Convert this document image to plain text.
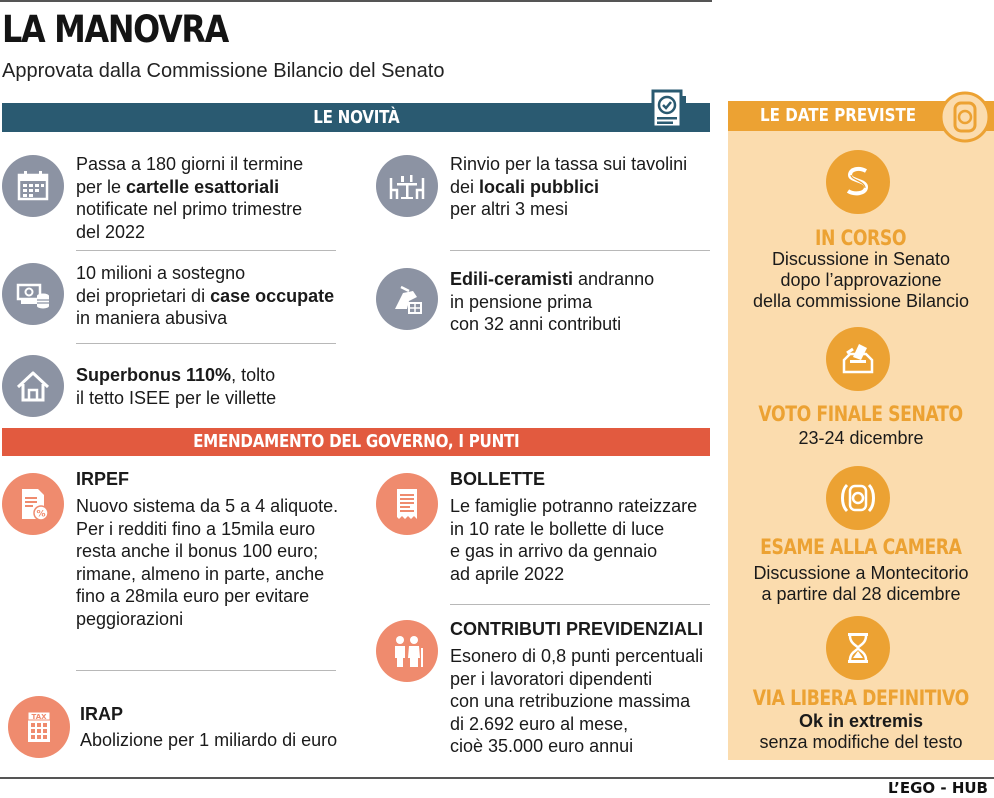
LA MANOVRA
Approvata dalla Commissione Bilancio del Senato
LE NOVITÀ
Passa a 180 giorni il termine
per le cartelle esattoriali
notificate nel primo trimestre
del 2022
10 milioni a sostegno
dei proprietari di case occupate
in maniera abusiva
Superbonus 110%, tolto
il tetto ISEE per le villette
Rinvio per la tassa sui tavolini
dei locali pubblici
per altri 3 mesi
Edili-ceramisti andranno
in pensione prima
con 32 anni contributi
EMENDAMENTO DEL GOVERNO, I PUNTI
%
IRPEF
Nuovo sistema da 5 a 4 aliquote.
Per i redditi fino a 15mila euro
resta anche il bonus 100 euro;
rimane, almeno in parte, anche
fino a 28mila euro per evitare
peggiorazioni
TAX IRAP
Abolizione per 1 miliardo di euro
BOLLETTE
Le famiglie potranno rateizzare
in 10 rate le bollette di luce
e gas in arrivo da gennaio
ad aprile 2022
CONTRIBUTI PREVIDENZIALI
Esonero di 0,8 punti percentuali
per i lavoratori dipendenti
con una retribuzione massima
di 2.692 euro al mese,
cioè 35.000 euro annui
LE DATE PREVISTE
IN CORSO
Discussione in Senato
dopo l’approvazione
della commissione Bilancio
VOTO FINALE SENATO
23-24 dicembre
ESAME ALLA CAMERA
Discussione a Montecitorio
a partire dal 28 dicembre
VIA LIBERA DEFINITIVO
Ok in extremis
senza modifiche del testo
L’EGO - HUB
